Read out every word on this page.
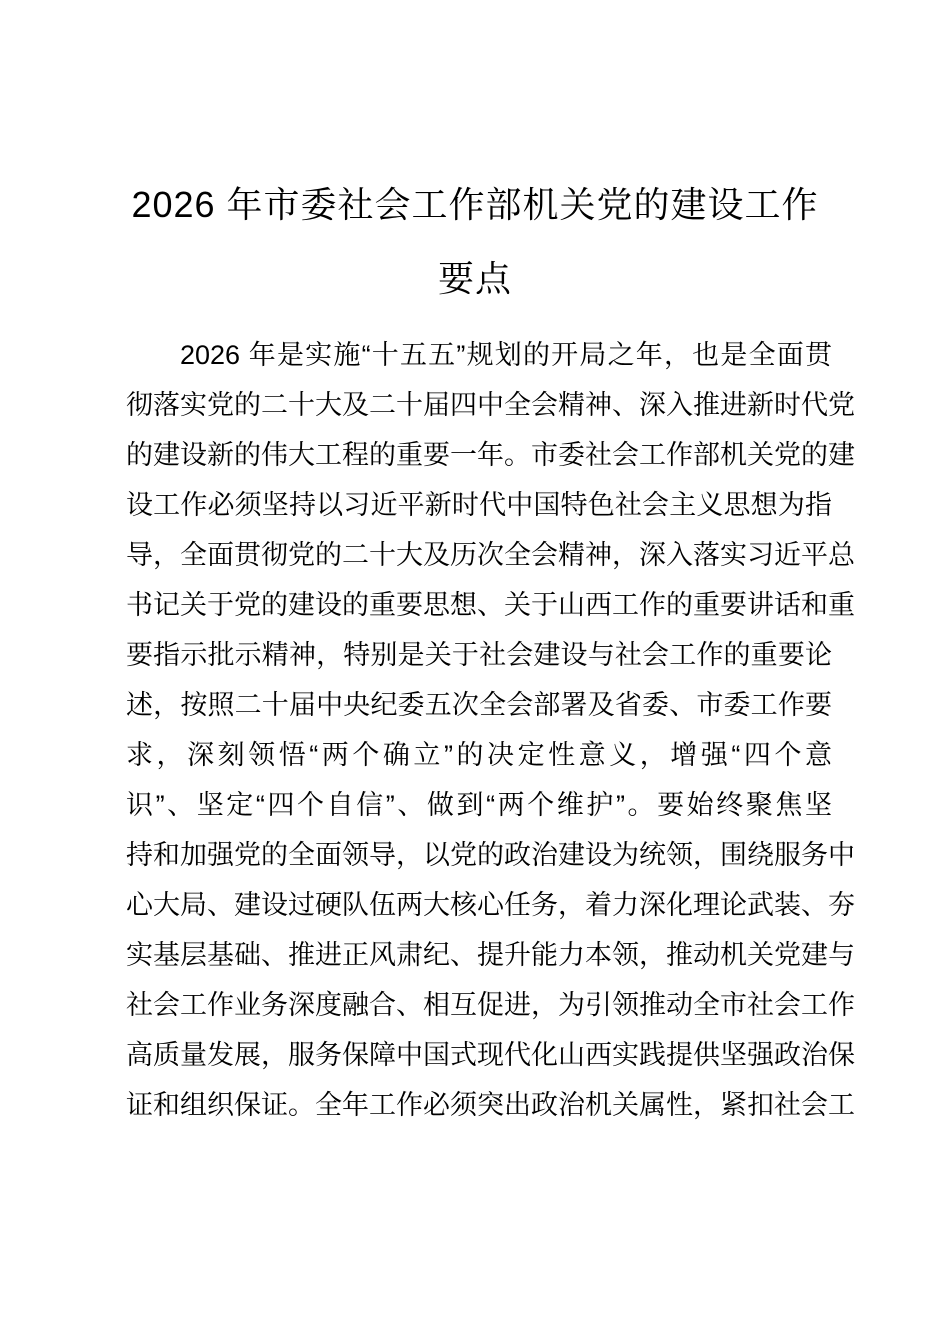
2026 年市委社会工作部机关党的建设工作
要点
2026 年是实施“十五五”规划的开局之年，也是全面贯
彻落实党的二十大及二十届四中全会精神、深入推进新时代党
的建设新的伟大工程的重要一年。市委社会工作部机关党的建
设工作必须坚持以习近平新时代中国特色社会主义思想为指
导，全面贯彻党的二十大及历次全会精神，深入落实习近平总
书记关于党的建设的重要思想、关于山西工作的重要讲话和重
要指示批示精神，特别是关于社会建设与社会工作的重要论
述，按照二十届中央纪委五次全会部署及省委、市委工作要
求，深刻领悟“两个确立”的决定性意义，增强“四个意
识”、坚定“四个自信”、做到“两个维护”。要始终聚焦坚
持和加强党的全面领导，以党的政治建设为统领，围绕服务中
心大局、建设过硬队伍两大核心任务，着力深化理论武装、夯
实基层基础、推进正风肃纪、提升能力本领，推动机关党建与
社会工作业务深度融合、相互促进，为引领推动全市社会工作
高质量发展，服务保障中国式现代化山西实践提供坚强政治保
证和组织保证。全年工作必须突出政治机关属性，紧扣社会工
